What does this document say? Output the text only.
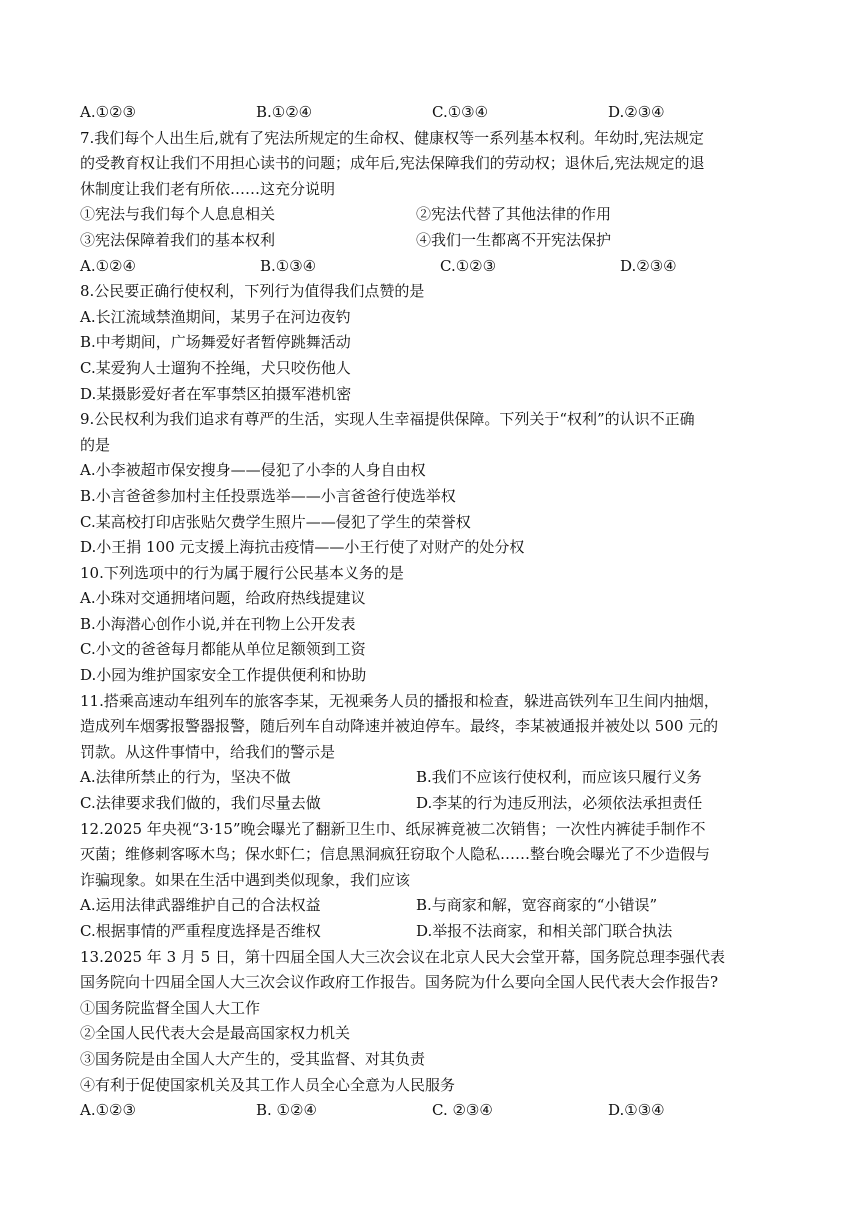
A.①②③	B.①②④	C.①③④	D.②③④
7.我们每个人出生后,就有了宪法所规定的生命权、健康权等一系列基本权利。年幼时,宪法规定
的受教育权让我们不用担心读书的问题；成年后,宪法保障我们的劳动权；退休后,宪法规定的退
休制度让我们老有所依……这充分说明
①宪法与我们每个人息息相关	②宪法代替了其他法律的作用
③宪法保障着我们的基本权利	④我们一生都离不开宪法保护
A.①②④	B.①③④	C.①②③	D.②③④
8.公民要正确行使权利，下列行为值得我们点赞的是
A.长江流域禁渔期间，某男子在河边夜钓
B.中考期间，广场舞爱好者暂停跳舞活动
C.某爱狗人士遛狗不拴绳，犬只咬伤他人
D.某摄影爱好者在军事禁区拍摄军港机密
9.公民权利为我们追求有尊严的生活，实现人生幸福提供保障。下列关于“权利”的认识不正确
的是
A.小李被超市保安搜身——侵犯了小李的人身自由权
B.小言爸爸参加村主任投票选举——小言爸爸行使选举权
C.某高校打印店张贴欠费学生照片——侵犯了学生的荣誉权
D.小王捐 100 元支援上海抗击疫情——小王行使了对财产的处分权
10.下列选项中的行为属于履行公民基本义务的是
A.小珠对交通拥堵问题，给政府热线提建议
B.小海潜心创作小说,并在刊物上公开发表
C.小文的爸爸每月都能从单位足额领到工资
D.小园为维护国家安全工作提供便利和协助
11.搭乘高速动车组列车的旅客李某，无视乘务人员的播报和检查，躲进高铁列车卫生间内抽烟，
造成列车烟雾报警器报警，随后列车自动降速并被迫停车。最终，李某被通报并被处以 500 元的
罚款。从这件事情中，给我们的警示是
A.法律所禁止的行为，坚决不做	B.我们不应该行使权利，而应该只履行义务
C.法律要求我们做的，我们尽量去做	D.李某的行为违反刑法，必须依法承担责任
12.2025 年央视“3·15”晚会曝光了翻新卫生巾、纸尿裤竟被二次销售；一次性内裤徒手制作不
灭菌；维修刺客啄木鸟；保水虾仁；信息黑洞疯狂窃取个人隐私……整台晚会曝光了不少造假与
诈骗现象。如果在生活中遇到类似现象，我们应该
A.运用法律武器维护自己的合法权益	B.与商家和解，宽容商家的“小错误”
C.根据事情的严重程度选择是否维权	D.举报不法商家，和相关部门联合执法
13.2025 年 3 月 5 日，第十四届全国人大三次会议在北京人民大会堂开幕，国务院总理李强代表
国务院向十四届全国人大三次会议作政府工作报告。国务院为什么要向全国人民代表大会作报告?
①国务院监督全国人大工作
②全国人民代表大会是最高国家权力机关
③国务院是由全国人大产生的，受其监督、对其负责
④有利于促使国家机关及其工作人员全心全意为人民服务
A.①②③	B. ①②④	C. ②③④	D.①③④
